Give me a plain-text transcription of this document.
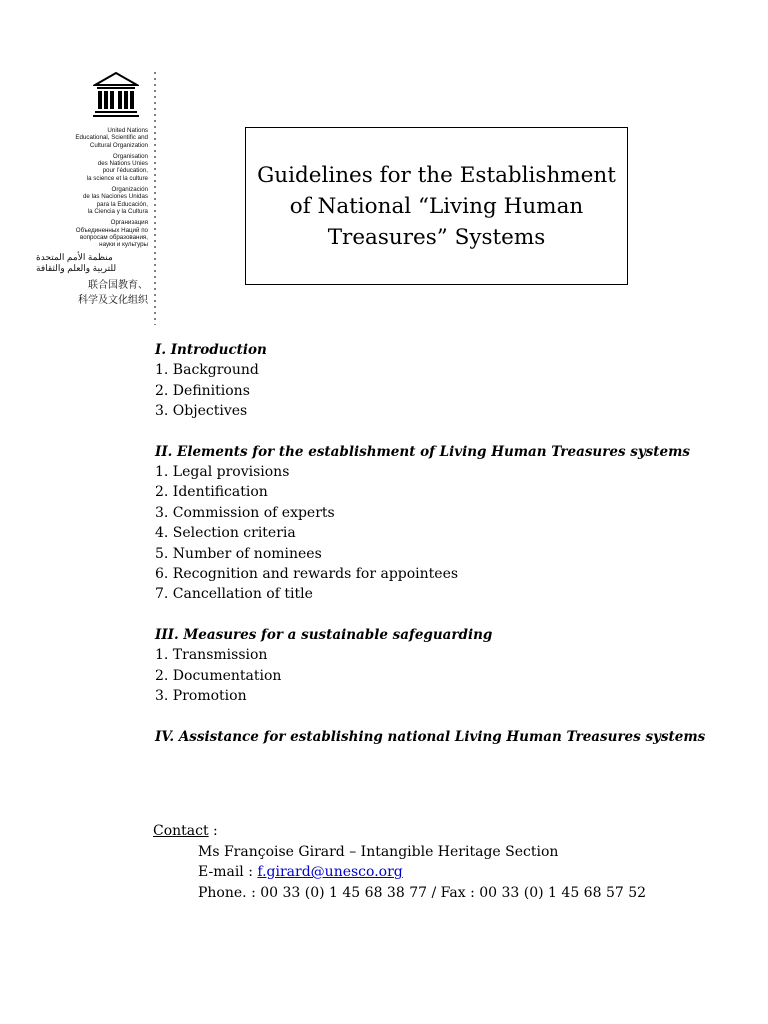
United Nations
Educational, Scientific and
Cultural Organization
Organisation
des Nations Unies
pour l’éducation,
la science et la culture
Organización
de las Naciones Unidas
para la Educación,
la Ciencia y la Cultura
Организация
Объединенных Наций по
вопросам образования,
науки и культуры
منظمة الأمم المتحدة
للتربية والعلم والثقافة
联合国教育、
科学及文化组织
Guidelines for the Establishment
of National “Living Human
Treasures” Systems
I. Introduction
1. Background
2. Definitions
3. Objectives
II. Elements for the establishment of Living Human Treasures systems
1. Legal provisions
2. Identification
3. Commission of experts
4. Selection criteria
5. Number of nominees
6. Recognition and rewards for appointees
7. Cancellation of title
III. Measures for a sustainable safeguarding
1. Transmission
2. Documentation
3. Promotion
IV. Assistance for establishing national Living Human Treasures systems
Contact :
Ms Françoise Girard – Intangible Heritage Section
E-mail : f.girard@unesco.org
Phone. : 00 33 (0) 1 45 68 38 77 / Fax : 00 33 (0) 1 45 68 57 52
